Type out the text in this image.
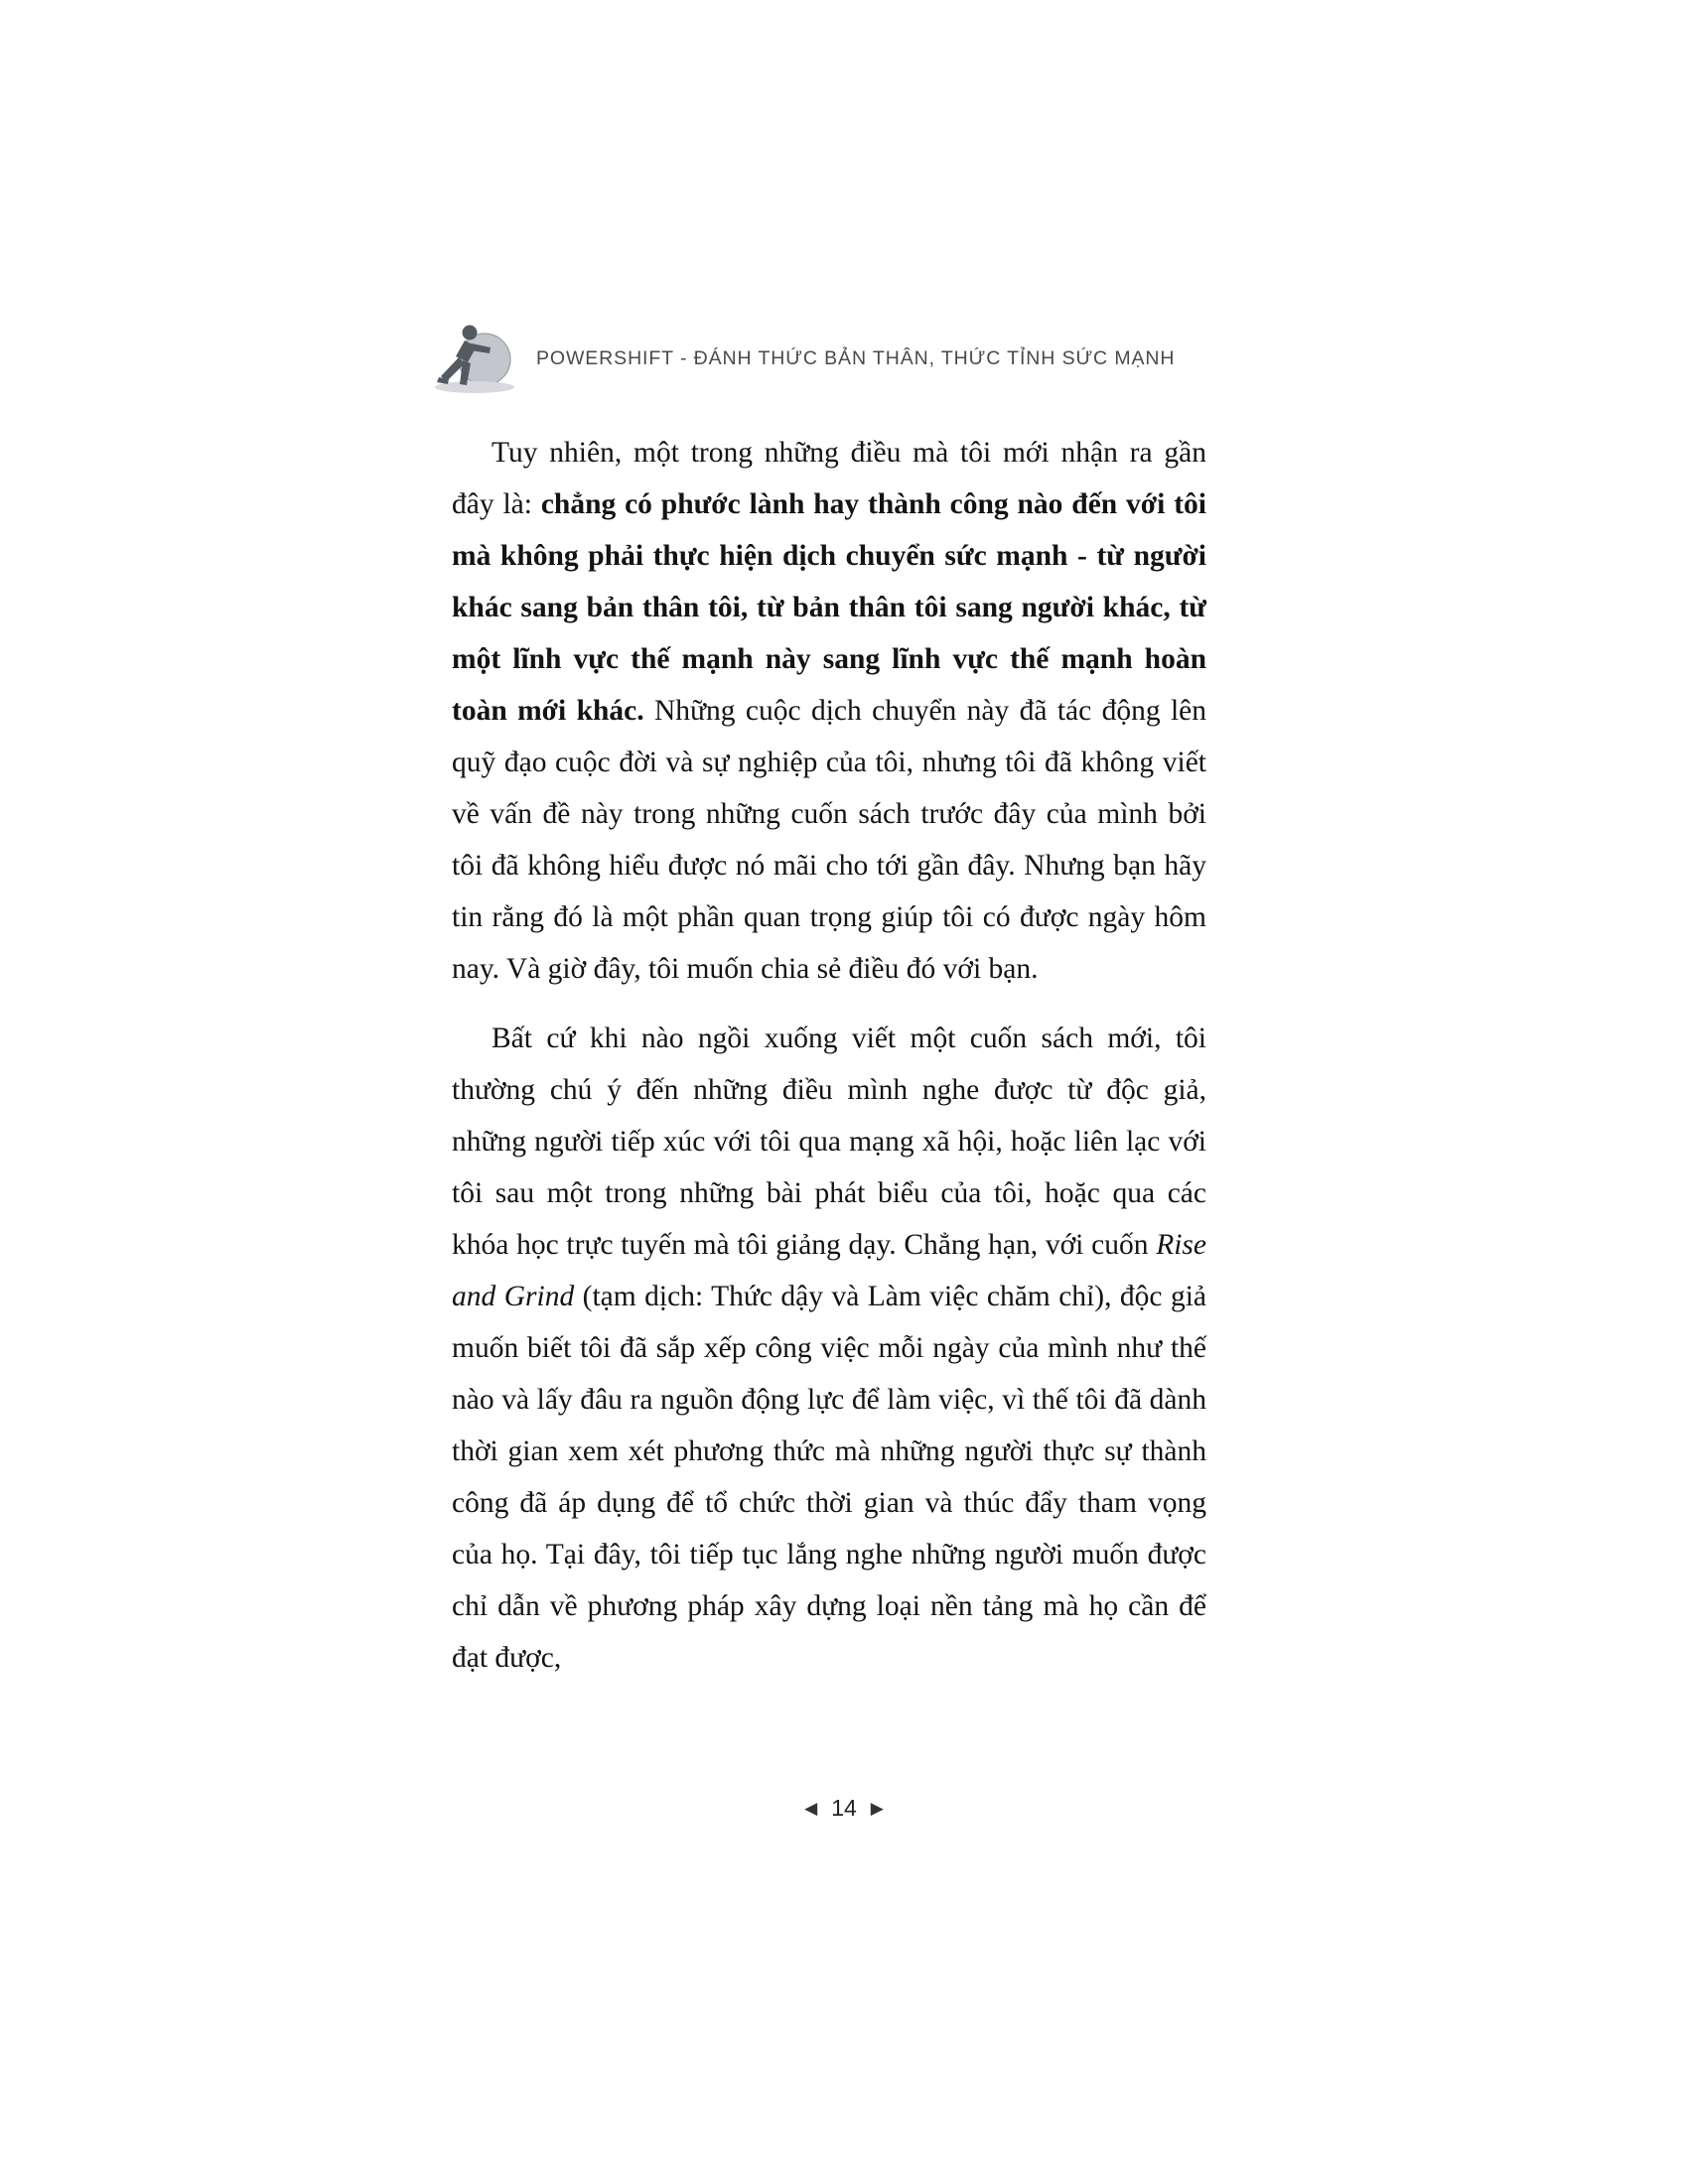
POWERSHIFT - ĐÁNH THỨC BẢN THÂN, THỨC TỈNH SỨC MẠNH

Tuy nhiên, một trong những điều mà tôi mới nhận ra gần đây là: chẳng có phước lành hay thành công nào đến với tôi mà không phải thực hiện dịch chuyển sức mạnh - từ người khác sang bản thân tôi, từ bản thân tôi sang người khác, từ một lĩnh vực thế mạnh này sang lĩnh vực thế mạnh hoàn toàn mới khác. Những cuộc dịch chuyển này đã tác động lên quỹ đạo cuộc đời và sự nghiệp của tôi, nhưng tôi đã không viết về vấn đề này trong những cuốn sách trước đây của mình bởi tôi đã không hiểu được nó mãi cho tới gần đây. Nhưng bạn hãy tin rằng đó là một phần quan trọng giúp tôi có được ngày hôm nay. Và giờ đây, tôi muốn chia sẻ điều đó với bạn.

Bất cứ khi nào ngồi xuống viết một cuốn sách mới, tôi thường chú ý đến những điều mình nghe được từ độc giả, những người tiếp xúc với tôi qua mạng xã hội, hoặc liên lạc với tôi sau một trong những bài phát biểu của tôi, hoặc qua các khóa học trực tuyến mà tôi giảng dạy. Chẳng hạn, với cuốn Rise and Grind (tạm dịch: Thức dậy và Làm việc chăm chỉ), độc giả muốn biết tôi đã sắp xếp công việc mỗi ngày của mình như thế nào và lấy đâu ra nguồn động lực để làm việc, vì thế tôi đã dành thời gian xem xét phương thức mà những người thực sự thành công đã áp dụng để tổ chức thời gian và thúc đẩy tham vọng của họ. Tại đây, tôi tiếp tục lắng nghe những người muốn được chỉ dẫn về phương pháp xây dựng loại nền tảng mà họ cần để đạt được,

◀ 14 ▶
